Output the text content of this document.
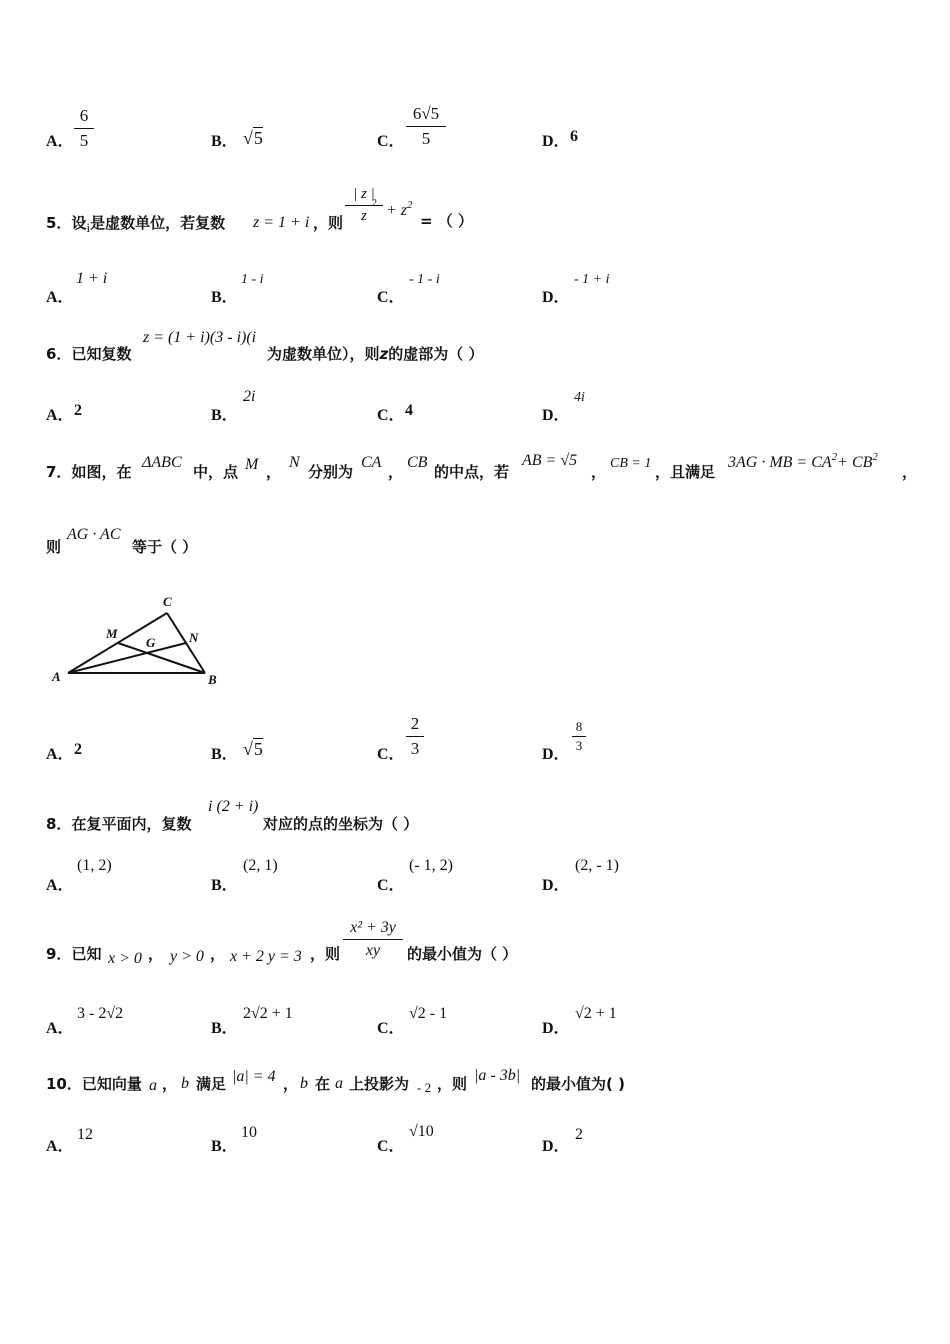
A．
6
5	B． √5	C．
6√5
5	D． 6
5．设i是虚数单位，若复数 z = 1 + i ，则
| z |
z
$_2 + z^2$
= （ ）
A．
1 + i
B．
1 - i
C．
- 1 - i
D．
- 1 + i
6．已知复数
z = (1 + i)(3 - i)(i
为虚数单位），则z的虚部为（ ）
A． 2	B．
2i
C． 4	D．
4i
7．如图，在
ΔABC
中，点 M ，
N
分别为
CA
，
CB
的中点，若
AB = √5
， CB = 1 ，且满足
3AG · MB = $CA^2+ CB^2$
，
则
AG · AC
等于（ ）
A	B
C
M	N
G
A． 2	B． √5	C．
2
3	D．
8
3
8．在复平面内，复数
i (2 + i)
对应的点的坐标为（ ）
A．
(1, 2)
B．
(2, 1)
C．
(- 1, 2)
D．
(2, - 1)
9．已知 x > 0 ， y > 0 ， x + 2 y = 3 ，则
x² + 3y
xy	的最小值为（ ）
A．
3 - 2√2
B．
2√2 + 1
C．
√2 - 1
D．
√2 + 1
10．已知向量 a ， b 满足 |a| = 4 ， b 在 a 上投影为 - 2 ，则 |a - 3b| 的最小值为( )
A．
12
B．
10
C．
√10
D．
2
